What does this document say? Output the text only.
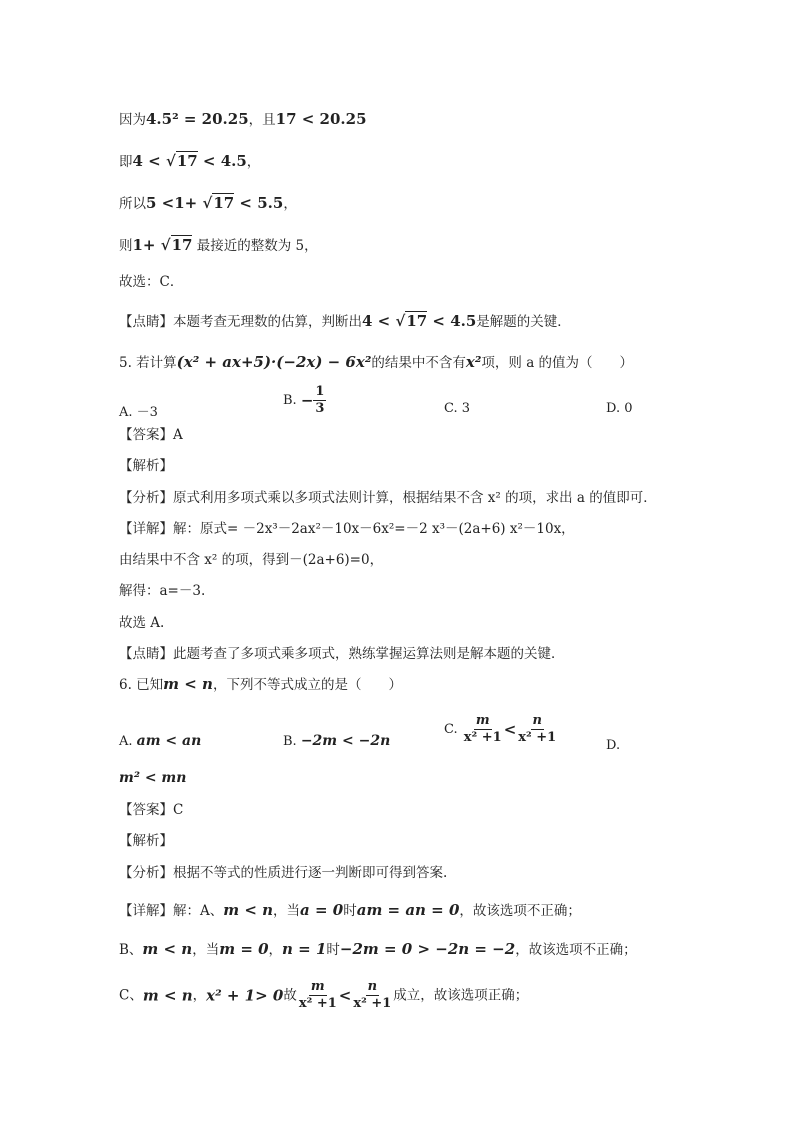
因为4.5² = 20.25，且17 < 20.25
即4 < √17 < 4.5，
所以5 <1+ √17 < 5.5，
则1+ √17 最接近的整数为 5，
故选：C．
【点睛】本题考查无理数的估算，判断出4 < √17 < 4.5是解题的关键．
5. 若计算(x² + ax+5)·(−2x) − 6x²的结果中不含有x²项，则 a 的值为（　　）
A. －3
B. − $\frac{1}{3}$	C. 3	D. 0
【答案】A
【解析】
【分析】原式利用多项式乘以多项式法则计算，根据结果不含 x² 的项，求出 a 的值即可．
【详解】解：原式= －2x³－2ax²－10x－6x²=－2 x³－(2a+6) x²－10x，
由结果中不含 x² 的项，得到－(2a+6)=0，
解得：a=－3.
故选 A.
【点睛】此题考查了多项式乘多项式，熟练掌握运算法则是解本题的关键．
6. 已知m < n，下列不等式成立的是（　　）
A. am < an	B. −2m < −2n
C. $\frac{m}{\text{x² +1}} < \frac{n}{\text{x² +1}}$	D.
m² < mn
【答案】C
【解析】
【分析】根据不等式的性质进行逐一判断即可得到答案.
【详解】解：A、m < n，当a = 0时am = an = 0，故该选项不正确；
B、m < n，当m = 0，n = 1时−2m = 0 > −2n = −2，故该选项不正确；
C、m < n，x² + 1> 0故 $\frac{m}{\text{x² +1}} < \frac{n}{\text{x² +1}}$ 成立，故该选项正确；
